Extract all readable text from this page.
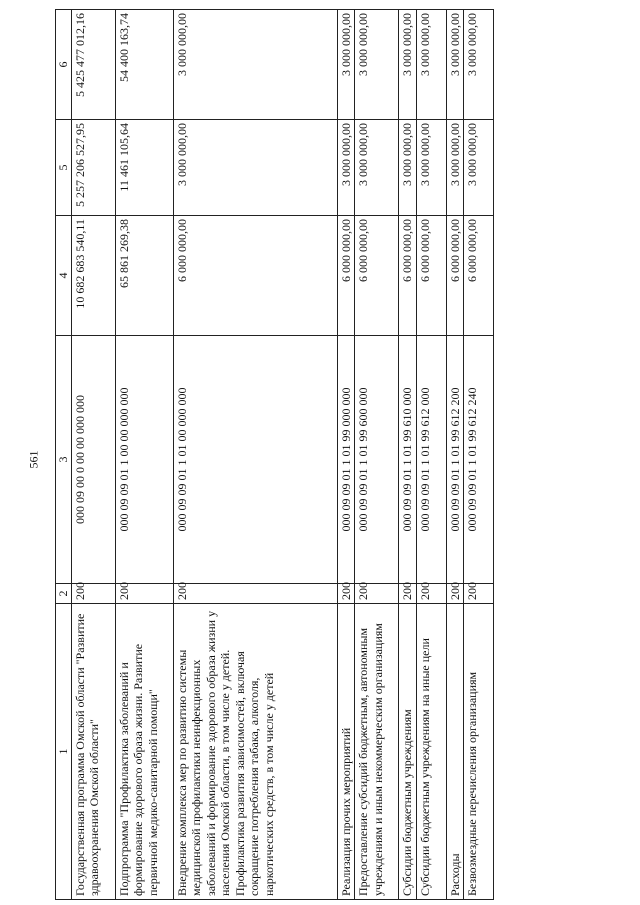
561
1	2	3	4	5	6
Государственная программа Омской области "Развитие здравоохранения Омской области"	200	000 09 00 0 00 00 000 000	10 682 683 540,11	5 257 206 527,95	5 425 477 012,16
Подпрограмма "Профилактика заболеваний и формирование здорового образа жизни. Развитие первичной медико-санитарной помощи"	200	000 09 09 01 1 00 00 000 000	65 861 269,38	11 461 105,64	54 400 163,74
Внедрение комплекса мер по развитию системы медицинской профилактики неинфекционных заболеваний и формирование здорового образа жизни у населения Омской области, в том числе у детей. Профилактика развития зависимостей, включая сокращение потребления табака, алкоголя, наркотических средств, в том числе у детей	200	000 09 09 01 1 01 00 000 000	6 000 000,00	3 000 000,00	3 000 000,00
Реализация прочих мероприятий	200	000 09 09 01 1 01 99 000 000	6 000 000,00	3 000 000,00	3 000 000,00
Предоставление субсидий бюджетным, автономным учреждениям и иным некоммерческим организациям	200	000 09 09 01 1 01 99 600 000	6 000 000,00	3 000 000,00	3 000 000,00
Субсидии бюджетным учреждениям	200	000 09 09 01 1 01 99 610 000	6 000 000,00	3 000 000,00	3 000 000,00
Субсидии бюджетным учреждениям на иные цели	200	000 09 09 01 1 01 99 612 000	6 000 000,00	3 000 000,00	3 000 000,00
Расходы	200	000 09 09 01 1 01 99 612 200	6 000 000,00	3 000 000,00	3 000 000,00
Безвозмездные перечисления организациям	200	000 09 09 01 1 01 99 612 240	6 000 000,00	3 000 000,00	3 000 000,00
